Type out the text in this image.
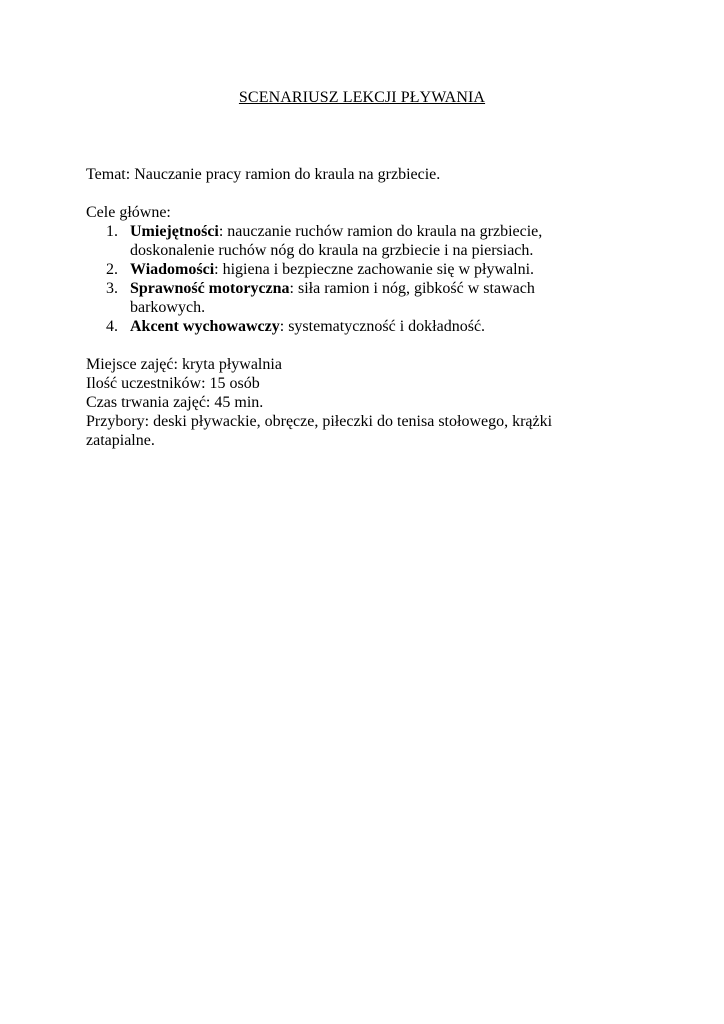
SCENARIUSZ LEKCJI PŁYWANIA

Temat: Nauczanie pracy ramion do kraula na grzbiecie.

Cele główne:

1. Umiejętności: nauczanie ruchów ramion do kraula na grzbiecie,
doskonalenie ruchów nóg do kraula na grzbiecie i na piersiach.
2. Wiadomości: higiena i bezpieczne zachowanie się w pływalni.
3. Sprawność motoryczna: siła ramion i nóg, gibkość w stawach
barkowych.
4. Akcent wychowawczy: systematyczność i dokładność.

Miejsce zajęć: kryta pływalnia

Ilość uczestników: 15 osób

Czas trwania zajęć: 45 min.

Przybory: deski pływackie, obręcze, piłeczki do tenisa stołowego, krążki

zatapialne.
